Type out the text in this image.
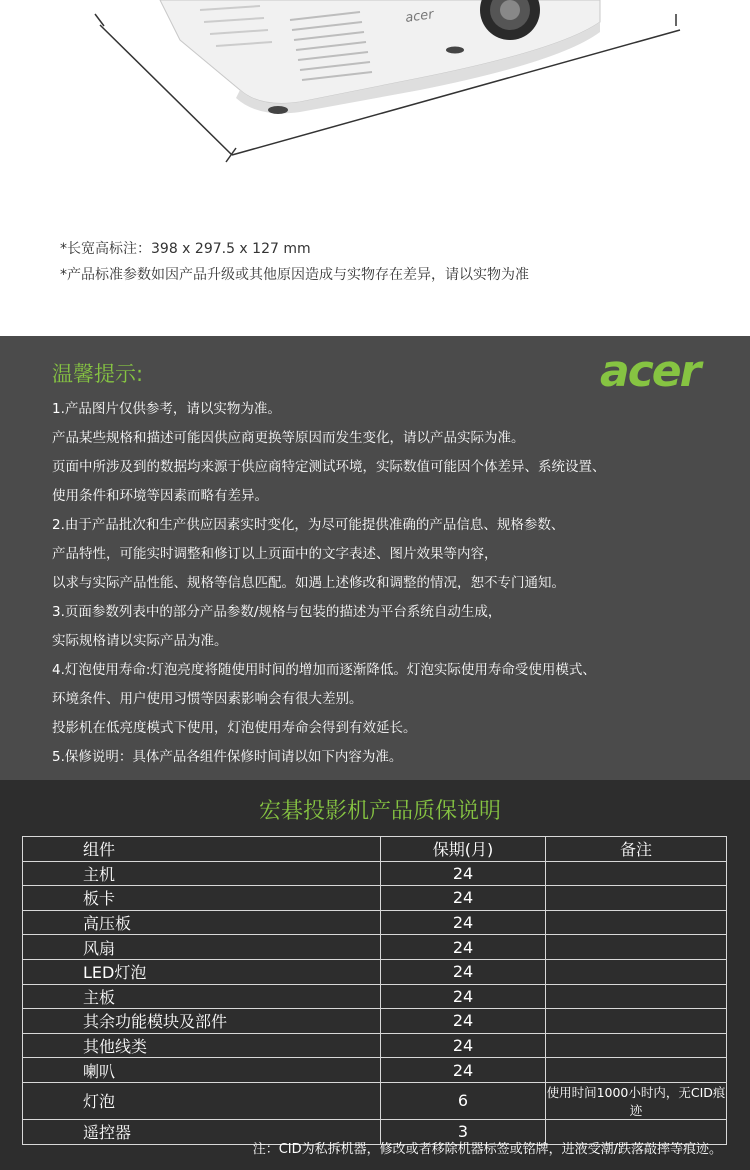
acer
*长宽高标注：398 x 297.5 x 127 mm
*产品标准参数如因产品升级或其他原因造成与实物存在差异，请以实物为准
温馨提示:	acer
1.产品图片仅供参考，请以实物为准。
产品某些规格和描述可能因供应商更换等原因而发生变化，请以产品实际为准。
页面中所涉及到的数据均来源于供应商特定测试环境，实际数值可能因个体差异、系统设置、
使用条件和环境等因素而略有差异。
2.由于产品批次和生产供应因素实时变化，为尽可能提供准确的产品信息、规格参数、
产品特性，可能实时调整和修订以上页面中的文字表述、图片效果等内容，
以求与实际产品性能、规格等信息匹配。如遇上述修改和调整的情况，恕不专门通知。
3.页面参数列表中的部分产品参数/规格与包装的描述为平台系统自动生成，
实际规格请以实际产品为准。
4.灯泡使用寿命:灯泡亮度将随使用时间的增加而逐渐降低。灯泡实际使用寿命受使用模式、
环境条件、用户使用习惯等因素影响会有很大差别。
投影机在低亮度模式下使用，灯泡使用寿命会得到有效延长。
5.保修说明：具体产品各组件保修时间请以如下内容为准。
宏碁投影机产品质保说明
组件	保期(月)	备注
主机	24	
板卡	24	
高压板	24	
风扇	24	
LED灯泡	24	
主板	24	
其余功能模块及部件	24	
其他线类	24	
喇叭	24	
灯泡	6	使用时间1000小时内，无CID痕迹
遥控器	3	
注：CID为私拆机器，修改或者移除机器标签或铭牌，进液受潮/跌落敲摔等痕迹。
